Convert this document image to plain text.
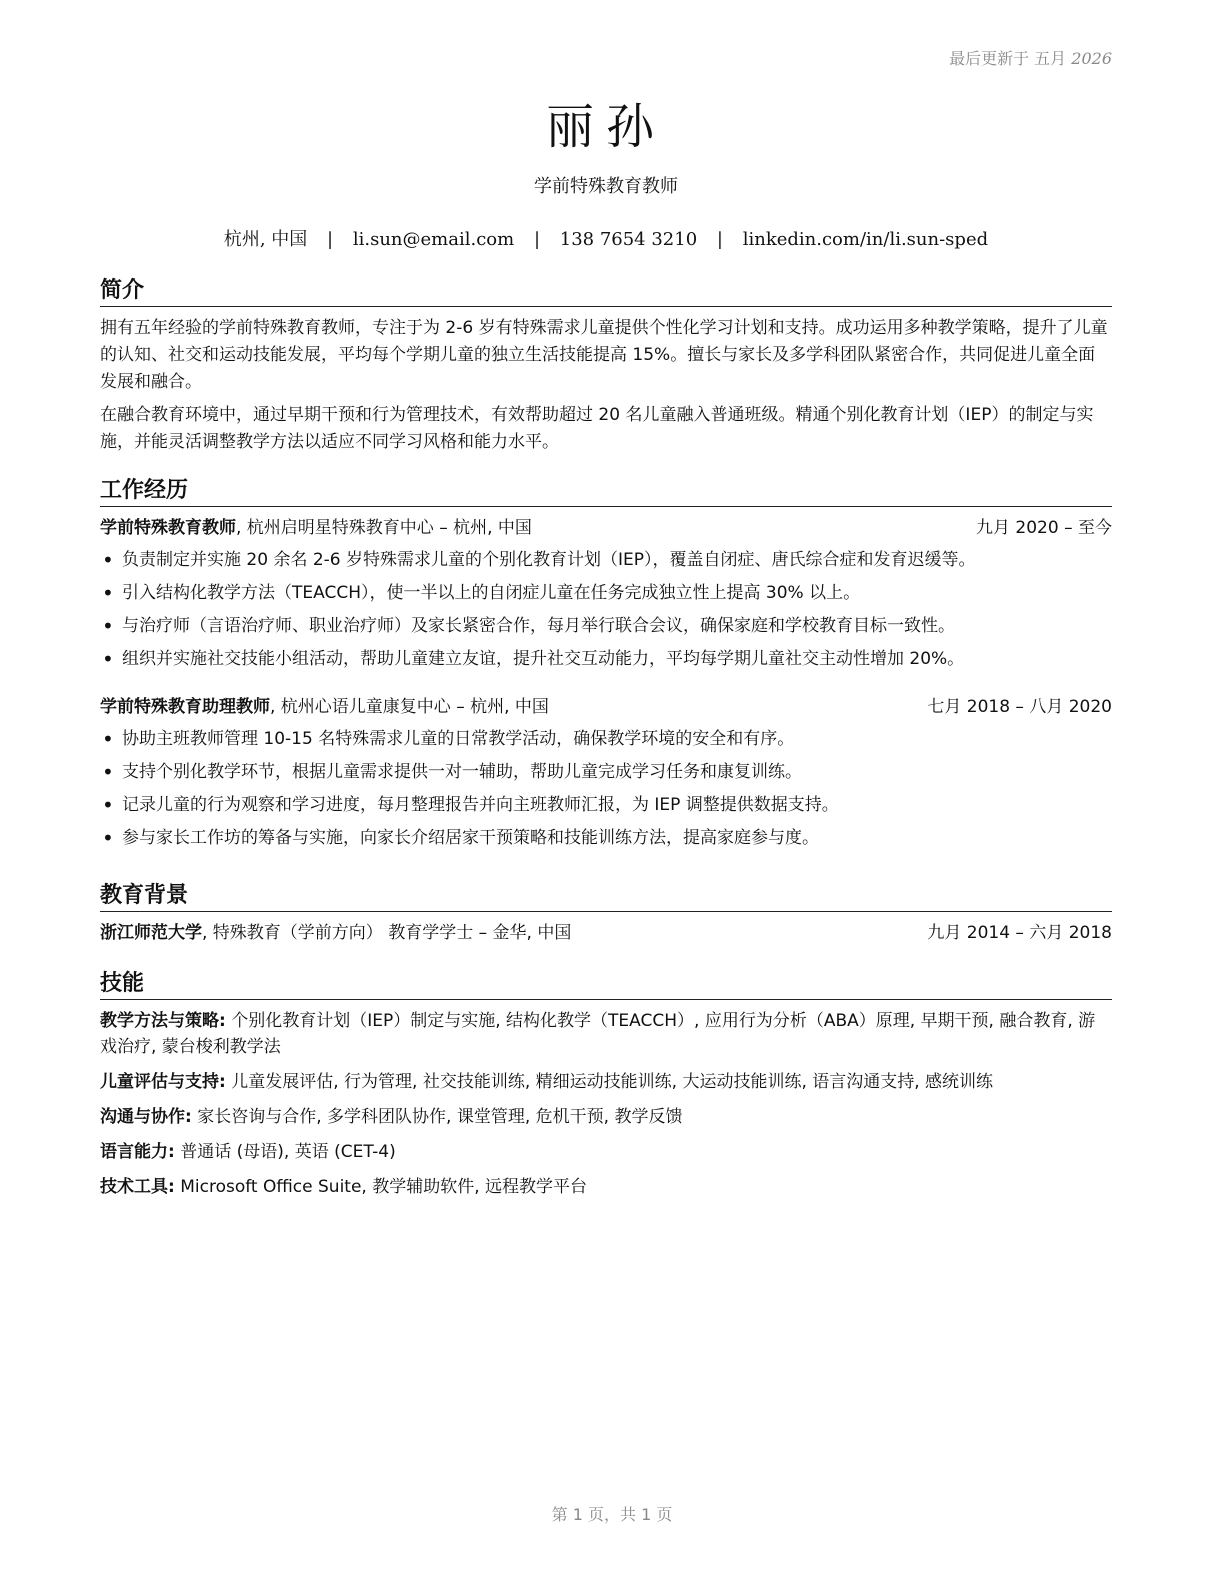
最后更新于 五月 2026
丽孙
学前特殊教育教师
杭州, 中国 | li.sun@email.com | 138 7654 3210 | linkedin.com/in/li.sun-sped
简介

拥有五年经验的学前特殊教育教师，专注于为 2-6 岁有特殊需求儿童提供个性化学习计划和支持。成功运用多种教学策略，提升了儿童的认知、社交和运动技能发展，平均每个学期儿童的独立生活技能提高 15%。擅长与家长及多学科团队紧密合作，共同促进儿童全面发展和融合。

在融合教育环境中，通过早期干预和行为管理技术，有效帮助超过 20 名儿童融入普通班级。精通个别化教育计划（IEP）的制定与实施，并能灵活调整教学方法以适应不同学习风格和能力水平。

工作经历
学前特殊教育教师, 杭州启明星特殊教育中心 – 杭州, 中国	九月 2020 – 至今
• 负责制定并实施 20 余名 2-6 岁特殊需求儿童的个别化教育计划（IEP），覆盖自闭症、唐氏综合症和发育迟缓等。
• 引入结构化教学方法（TEACCH），使一半以上的自闭症儿童在任务完成独立性上提高 30% 以上。
• 与治疗师（言语治疗师、职业治疗师）及家长紧密合作，每月举行联合会议，确保家庭和学校教育目标一致性。
• 组织并实施社交技能小组活动，帮助儿童建立友谊，提升社交互动能力，平均每学期儿童社交主动性增加 20%。
学前特殊教育助理教师, 杭州心语儿童康复中心 – 杭州, 中国	七月 2018 – 八月 2020
• 协助主班教师管理 10-15 名特殊需求儿童的日常教学活动，确保教学环境的安全和有序。
• 支持个别化教学环节，根据儿童需求提供一对一辅助，帮助儿童完成学习任务和康复训练。
• 记录儿童的行为观察和学习进度，每月整理报告并向主班教师汇报，为 IEP 调整提供数据支持。
• 参与家长工作坊的筹备与实施，向家长介绍居家干预策略和技能训练方法，提高家庭参与度。
教育背景
浙江师范大学, 特殊教育（学前方向） 教育学学士 – 金华, 中国	九月 2014 – 六月 2018
技能

教学方法与策略: 个别化教育计划（IEP）制定与实施, 结构化教学（TEACCH）, 应用行为分析（ABA）原理, 早期干预, 融合教育, 游戏治疗, 蒙台梭利教学法

儿童评估与支持: 儿童发展评估, 行为管理, 社交技能训练, 精细运动技能训练, 大运动技能训练, 语言沟通支持, 感统训练

沟通与协作: 家长咨询与合作, 多学科团队协作, 课堂管理, 危机干预, 教学反馈

语言能力: 普通话 (母语), 英语 (CET-4)

技术工具: Microsoft Office Suite, 教学辅助软件, 远程教学平台

第 1 页，共 1 页
